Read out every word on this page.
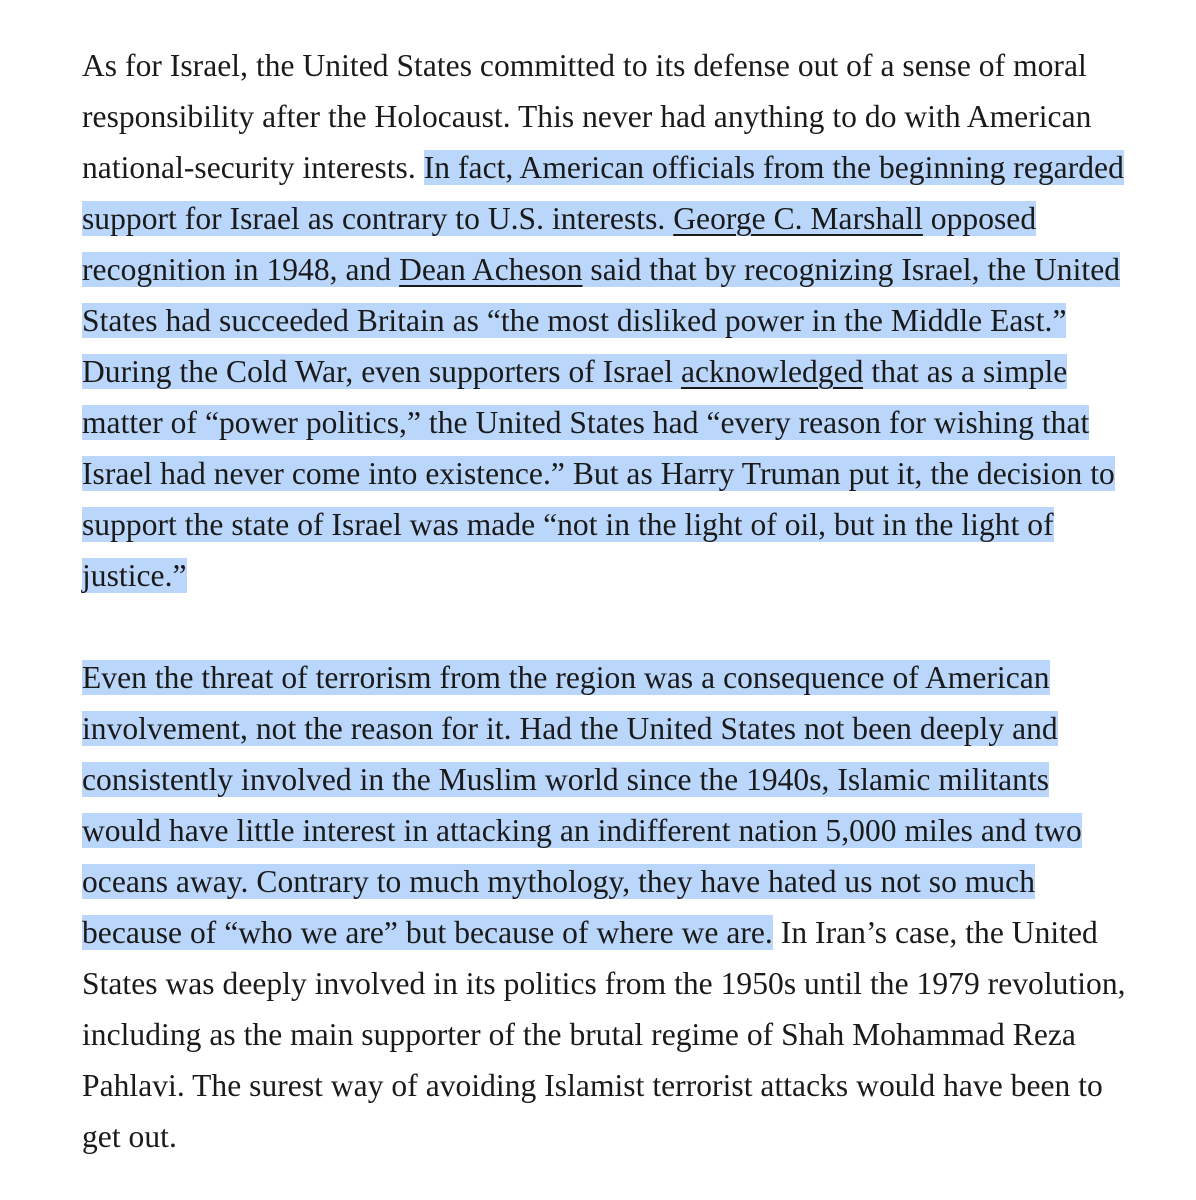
As for Israel, the United States committed to its defense out of a sense of moral responsibility after the Holocaust. This never had anything to do with American national-security interests. In fact, American officials from the beginning regarded support for Israel as contrary to U.S. interests. George C. Marshall opposed recognition in 1948, and Dean Acheson said that by recognizing Israel, the United States had succeeded Britain as “the most disliked power in the Middle East.” During the Cold War, even supporters of Israel acknowledged that as a simple matter of “power politics,” the United States had “every reason for wishing that Israel had never come into existence.” But as Harry Truman put it, the decision to support the state of Israel was made “not in the light of oil, but in the light of justice.”

Even the threat of terrorism from the region was a consequence of American involvement, not the reason for it. Had the United States not been deeply and consistently involved in the Muslim world since the 1940s, Islamic militants would have little interest in attacking an indifferent nation 5,000 miles and two oceans away. Contrary to much mythology, they have hated us not so much because of “who we are” but because of where we are. In Iran’s case, the United States was deeply involved in its politics from the 1950s until the 1979 revolution, including as the main supporter of the brutal regime of Shah Mohammad Reza Pahlavi. The surest way of avoiding Islamist terrorist attacks would have been to get out.
